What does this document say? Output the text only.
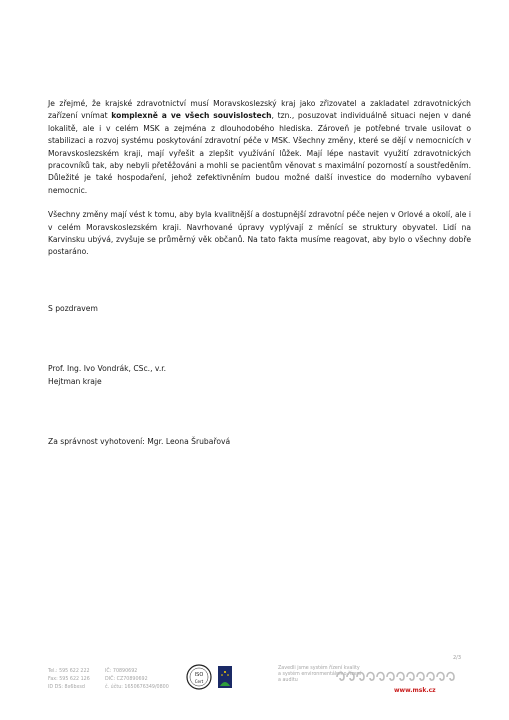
Je zřejmé, že krajské zdravotnictví musí Moravskoslezský kraj jako zřizovatel a zakladatel zdravotnických zařízení vnímat komplexně a ve všech souvislostech, tzn., posuzovat individuálně situaci nejen v dané lokalitě, ale i v celém MSK a zejména z dlouhodobého hlediska. Zároveň je potřebné trvale usilovat o stabilizaci a rozvoj systému poskytování zdravotní péče v MSK. Všechny změny, které se dějí v nemocnicích v Moravskoslezském kraji, mají vyřešit a zlepšit využívání lůžek. Mají lépe nastavit využití zdravotnických pracovníků tak, aby nebyli přetěžováni a mohli se pacientům věnovat s maximální pozorností a soustředěním. Důležité je také hospodaření, jehož zefektivněním budou možné další investice do moderního vybavení nemocnic.

Všechny změny mají vést k tomu, aby byla kvalitnější a dostupnější zdravotní péče nejen v Orlové a okolí, ale i v celém Moravskoslezském kraji. Navrhované úpravy vyplývají z měnící se struktury obyvatel. Lidí na Karvinsku ubývá, zvyšuje se průměrný věk občanů. Na tato fakta musíme reagovat, aby bylo o všechny dobře postaráno.

S pozdravem

Prof. Ing. Ivo Vondrák, CSc., v.r.

Hejtman kraje

Za správnost vyhotovení: Mgr. Leona Šrubařová

2/3
Tel.: 595 622 222
Fax: 595 622 126
ID DS: 8x6bxsd
IČ: 70890692
DIČ: CZ70890692
č. účtu: 1650676349/0800
ISO
Cert
Zavedli jsme systém řízení kvality
a systém environmentálního řízení
a auditu
www.msk.cz
